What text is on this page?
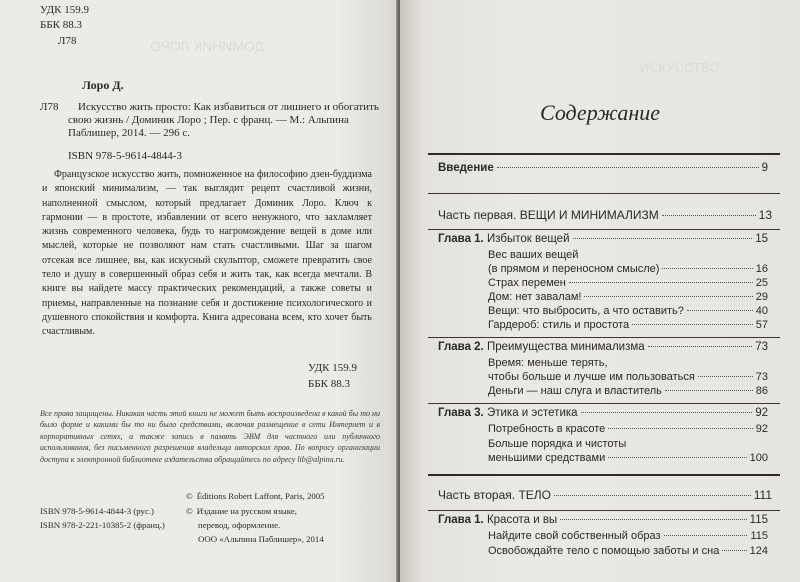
ДОМИНИК ЛОРО
УДК 159.9
ББК 88.3
Л78
Лоро Д.
Л78	Искусство жить просто: Как избавиться от лишнего и обогатить свою жизнь / Доминик Лоро ; Пер. с франц. — М.: Альпина Паблишер, 2014. — 296 с.
ISBN 978-5-9614-4844-3
Французское искусство жить, помноженное на философию дзен-буддизма и японский минимализм, — так выглядит рецепт счастливой жизни, наполненной смыслом, который предлагает Доминик Лоро. Ключ к гармонии — в простоте, избавлении от всего ненужного, что захламляет жизнь современного человека, будь то нагромождение вещей в доме или мыслей, которые не позволяют нам стать счастливыми. Шаг за шагом отсекая все лишнее, вы, как искусный скульптор, сможете превратить свое тело и душу в совершенный образ себя и жить так, как всегда мечтали. В книге вы найдете массу практических рекомендаций, а также советы и приемы, направленные на познание себя и достижение психологического и душевного спокойствия и комфорта. Книга адресована всем, кто хочет быть счастливым.
УДК 159.9
ББК 88.3
Все права защищены. Никакая часть этой книги не может быть воспроизведена в какой бы то ни было форме и какими бы то ни было средствами, включая размещение в сети Интернет и в корпоративных сетях, а также запись в память ЭВМ для частного или публичного использования, без письменного разрешения владельца авторских прав. По вопросу организации доступа к электронной библиотеке издательства обращайтесь по адресу lib@alpina.ru.
© Éditions Robert Laffont, Paris, 2005
© Издание на русском языке,
перевод, оформление.
ООО «Альпина Паблишер», 2014
ISBN 978-5-9614-4844-3 (рус.)
ISBN 978-2-221-10385-2 (франц.)
ИСКУССТВО
Содержание
Введение	9
Часть первая. ВЕЩИ И МИНИМАЛИЗМ	13
Глава 1. Избыток вещей	15
Вес ваших вещей
(в прямом и переносном смысле)	16
Страх перемен	25
Дом: нет завалам!	29
Вещи: что выбросить, а что оставить?	40
Гардероб: стиль и простота	57
Глава 2. Преимущества минимализма	73
Время: меньше терять,
чтобы больше и лучше им пользоваться	73
Деньги — наш слуга и властитель	86
Глава 3. Этика и эстетика	92
Потребность в красоте	92
Больше порядка и чистоты
меньшими средствами	100
Часть вторая. ТЕЛО	111
Глава 1. Красота и вы	115
Найдите свой собственный образ	115
Освобождайте тело с помощью заботы и сна	124
